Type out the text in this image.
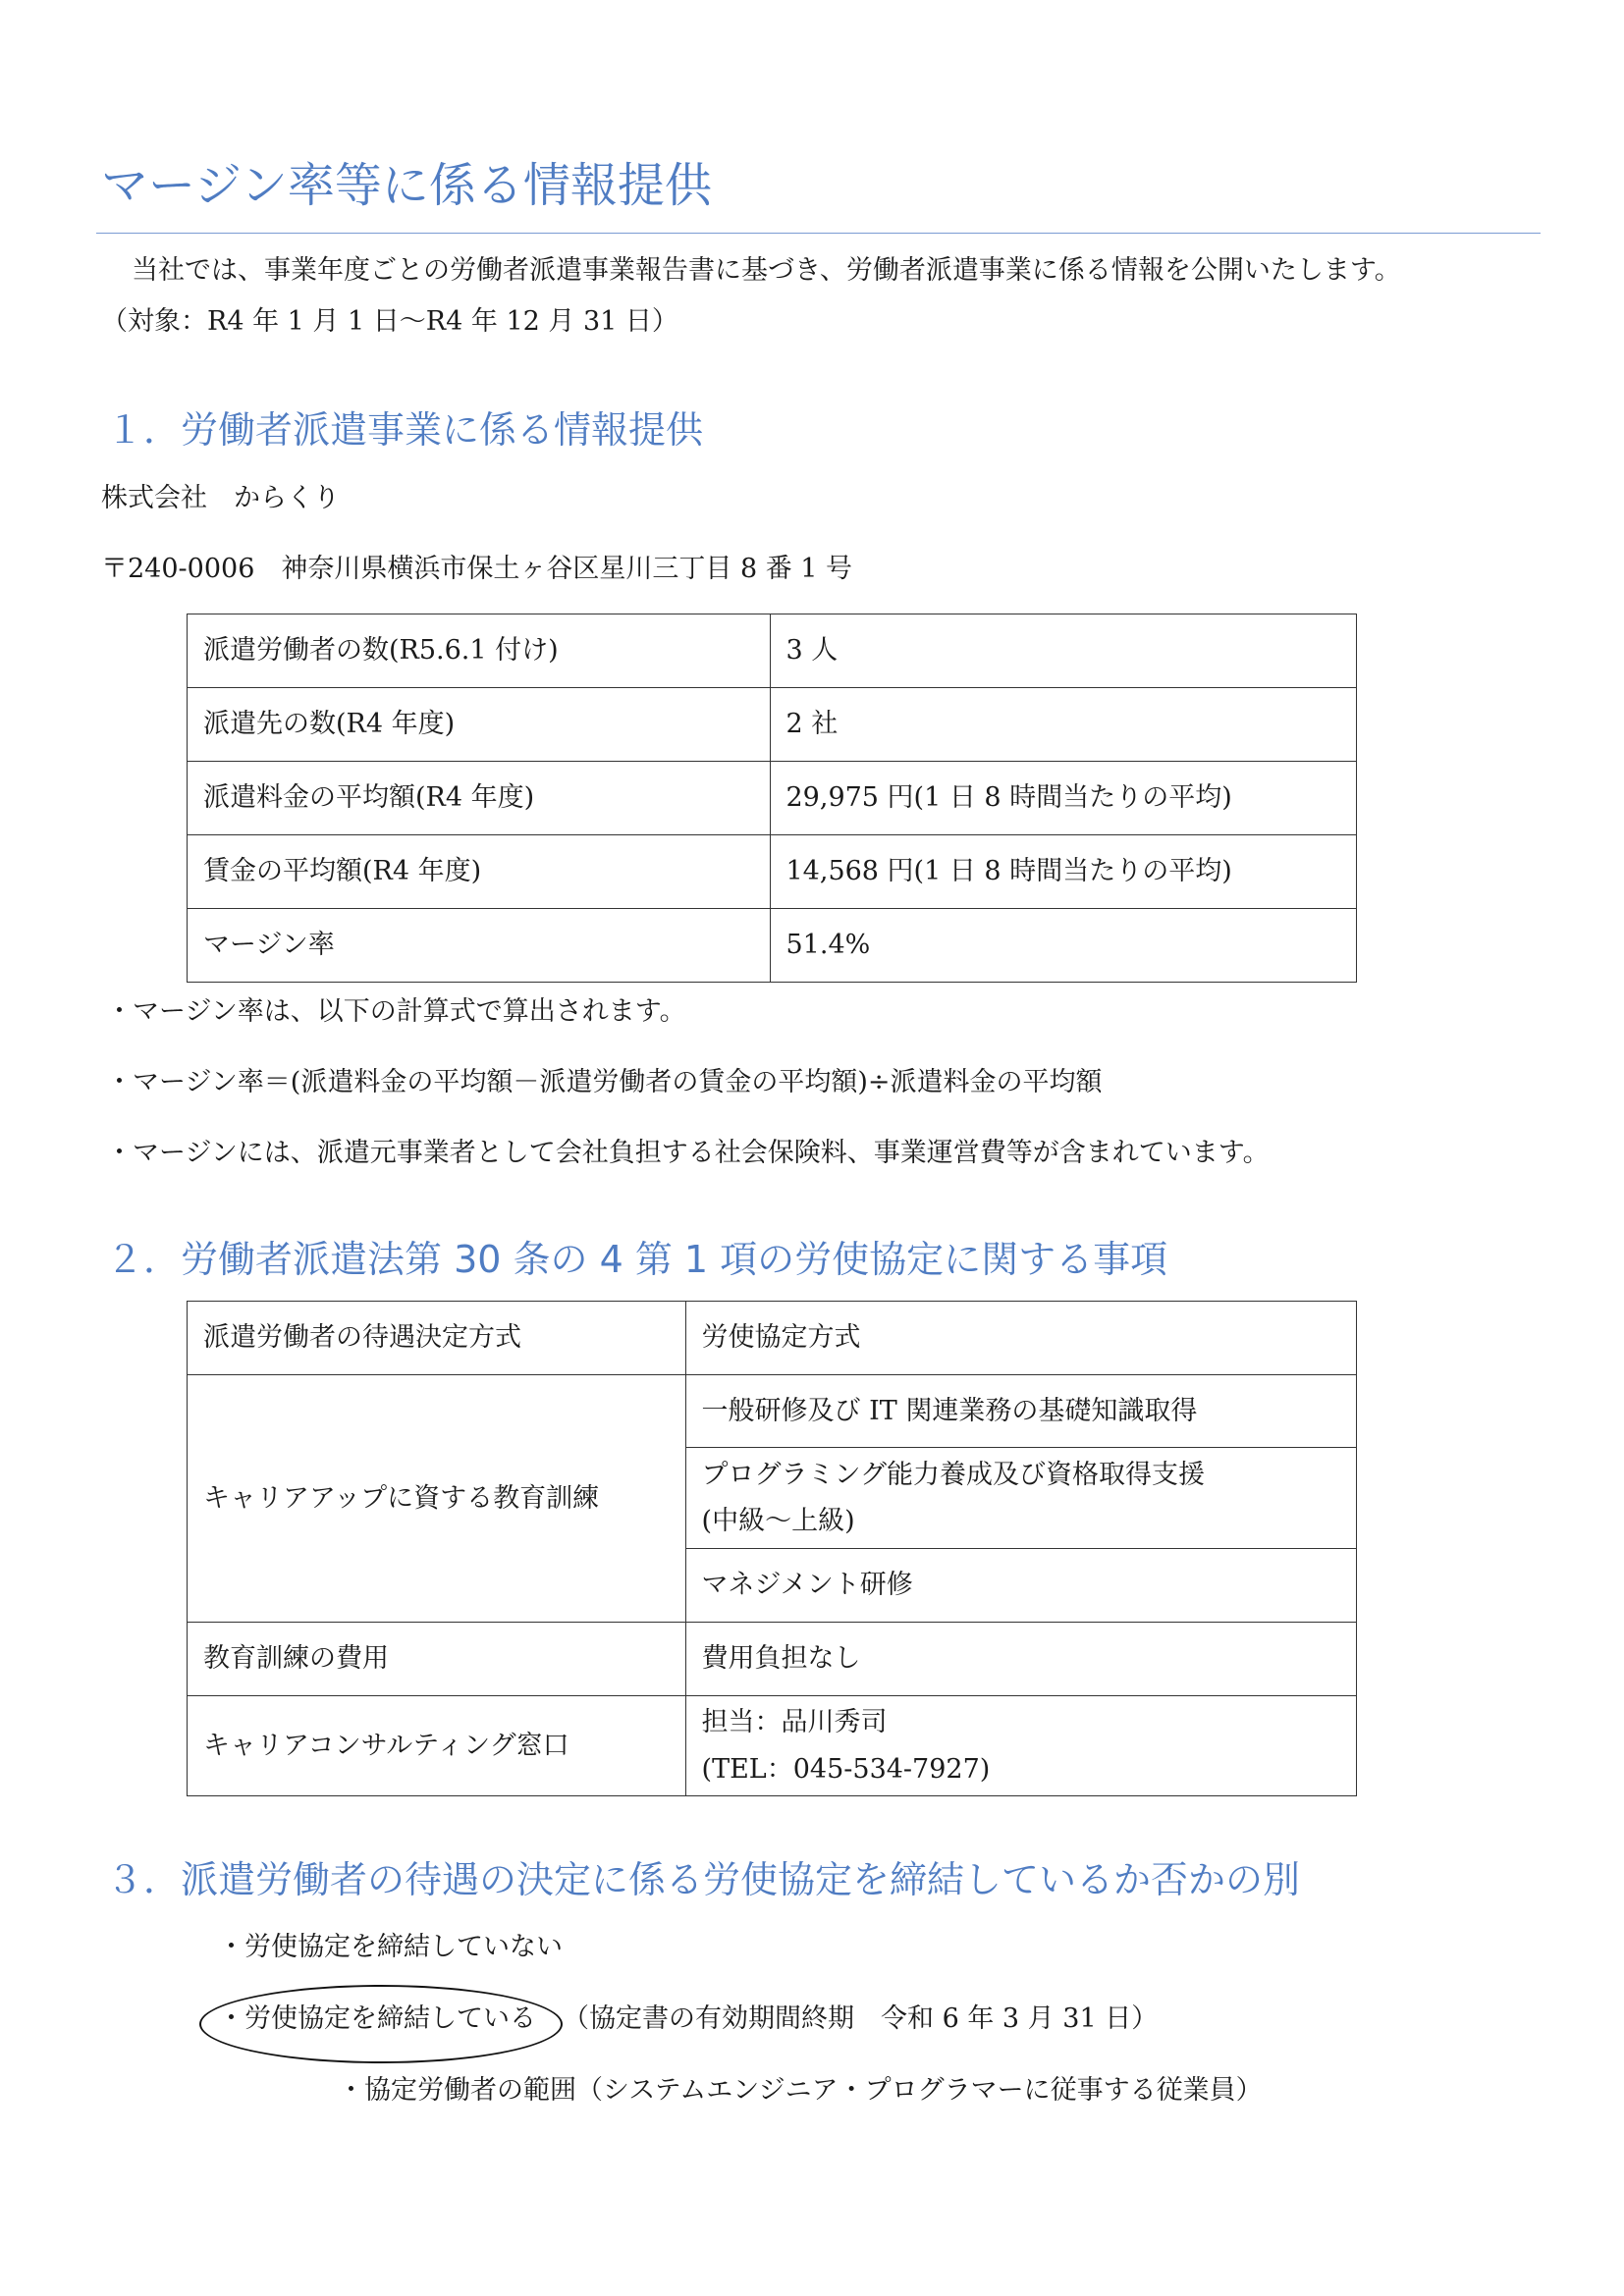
マージン率等に係る情報提供
当社では、事業年度ごとの労働者派遣事業報告書に基づき、労働者派遣事業に係る情報を公開いたします。
（対象：R4 年 1 月 1 日〜R4 年 12 月 31 日）
１．労働者派遣事業に係る情報提供
株式会社　からくり
〒240-0006　神奈川県横浜市保土ヶ谷区星川三丁目 8 番 1 号
派遣労働者の数(R5.6.1 付け)	3 人
派遣先の数(R4 年度)	2 社
派遣料金の平均額(R4 年度)	29,975 円(1 日 8 時間当たりの平均)
賃金の平均額(R4 年度)	14,568 円(1 日 8 時間当たりの平均)
マージン率	51.4%
・マージン率は、以下の計算式で算出されます。
・マージン率＝(派遣料金の平均額－派遣労働者の賃金の平均額)÷派遣料金の平均額
・マージンには、派遣元事業者として会社負担する社会保険料、事業運営費等が含まれています。
２．労働者派遣法第 30 条の 4 第 1 項の労使協定に関する事項
派遣労働者の待遇決定方式	労使協定方式
キャリアアップに資する教育訓練	一般研修及び IT 関連業務の基礎知識取得

	プログラミング能力養成及び資格取得支援
(中級〜上級)

	マネジメント研修
教育訓練の費用	費用負担なし
キャリアコンサルティング窓口	担当：品川秀司
(TEL：045-534-7927)
３．派遣労働者の待遇の決定に係る労使協定を締結しているか否かの別
・労使協定を締結していない
・労使協定を締結している （協定書の有効期間終期　令和 6 年 3 月 31 日）
・協定労働者の範囲（システムエンジニア・プログラマーに従事する従業員）
